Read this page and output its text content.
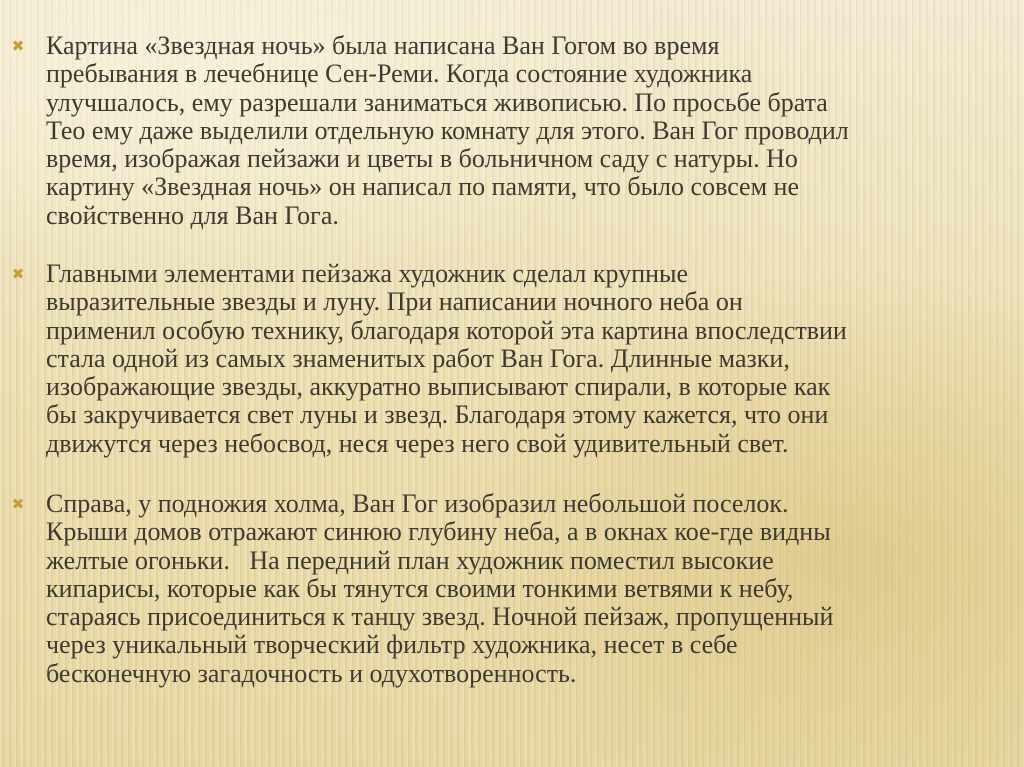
✖ Картина «Звездная ночь» была написана Ван Гогом во время
пребывания в лечебнице Сен-Реми. Когда состояние художника
улучшалось, ему разрешали заниматься живописью. По просьбе брата
Тео ему даже выделили отдельную комнату для этого. Ван Гог проводил
время, изображая пейзажи и цветы в больничном саду с натуры. Но
картину «Звездная ночь» он написал по памяти, что было совсем не
свойственно для Ван Гога.

✖ Главными элементами пейзажа художник сделал крупные
выразительные звезды и луну. При написании ночного неба он
применил особую технику, благодаря которой эта картина впоследствии
стала одной из самых знаменитых работ Ван Гога. Длинные мазки,
изображающие звезды, аккуратно выписывают спирали, в которые как
бы закручивается свет луны и звезд. Благодаря этому кажется, что они
движутся через небосвод, неся через него свой удивительный свет.

✖ Справа, у подножия холма, Ван Гог изобразил небольшой поселок.
Крыши домов отражают синюю глубину неба, а в окнах кое-где видны
желтые огоньки.   На передний план художник поместил высокие
кипарисы, которые как бы тянутся своими тонкими ветвями к небу,
стараясь присоединиться к танцу звезд. Ночной пейзаж, пропущенный
через уникальный творческий фильтр художника, несет в себе
бесконечную загадочность и одухотворенность.
